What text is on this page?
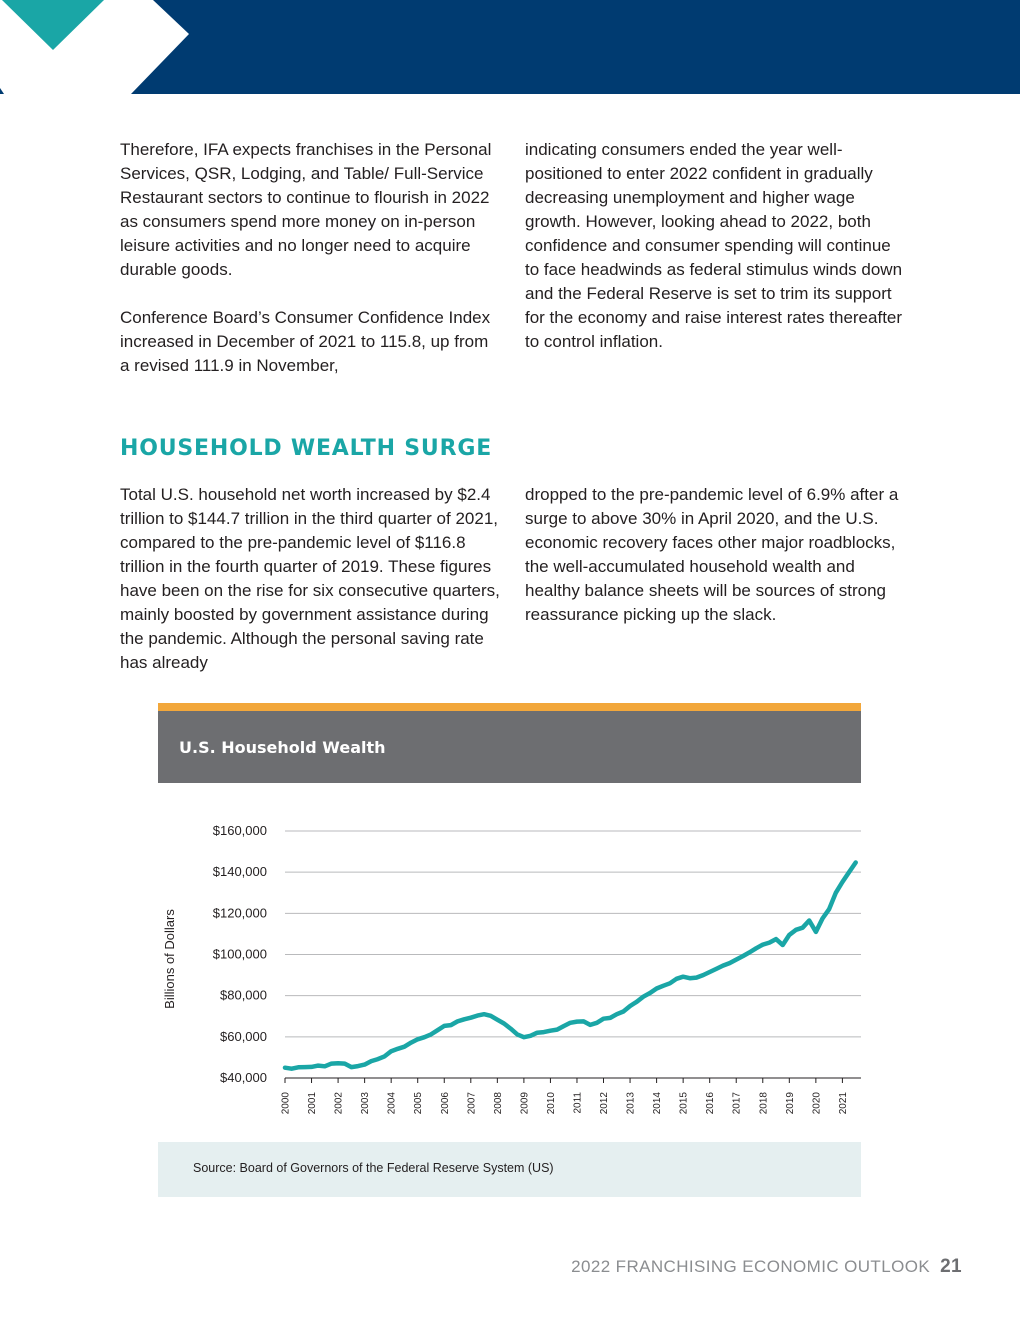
Therefore, IFA expects franchises in the Personal Services, QSR, Lodging, and Table/ Full-Service Restaurant sectors to continue to flourish in 2022 as consumers spend more money on in-person leisure activities and no longer need to acquire durable goods.

Conference Board’s Consumer Confidence Index increased in December of 2021 to 115.8, up from a revised 111.9 in November,

indicating consumers ended the year well-positioned to enter 2022 confident in gradually decreasing unemployment and higher wage growth. However, looking ahead to 2022, both confidence and consumer spending will continue to face headwinds as federal stimulus winds down and the Federal Reserve is set to trim its support for the economy and raise interest rates thereafter to control inflation.

HOUSEHOLD WEALTH SURGE

Total U.S. household net worth increased by $2.4 trillion to $144.7 trillion in the third quarter of 2021, compared to the pre-pandemic level of $116.8 trillion in the fourth quarter of 2019. These figures have been on the rise for six consecutive quarters, mainly boosted by government assistance during the pandemic. Although the personal saving rate has already

dropped to the pre-pandemic level of 6.9% after a surge to above 30% in April 2020, and the U.S. economic recovery faces other major roadblocks, the well-accumulated household wealth and healthy balance sheets will be sources of strong reassurance picking up the slack.

U.S. Household Wealth
$40,000
$60,000
$80,000
$100,000
$120,000
$140,000
$160,000
2000 2001 2002 2003 2004 2005 2006 2007 2008 2009 2010 2011 2012 2013 2014 2015 2016 2017 2018 2019 2020 2021
Billions of Dollars
Source: Board of Governors of the Federal Reserve System (US)
2022 FRANCHISING ECONOMIC OUTLOOK 21
